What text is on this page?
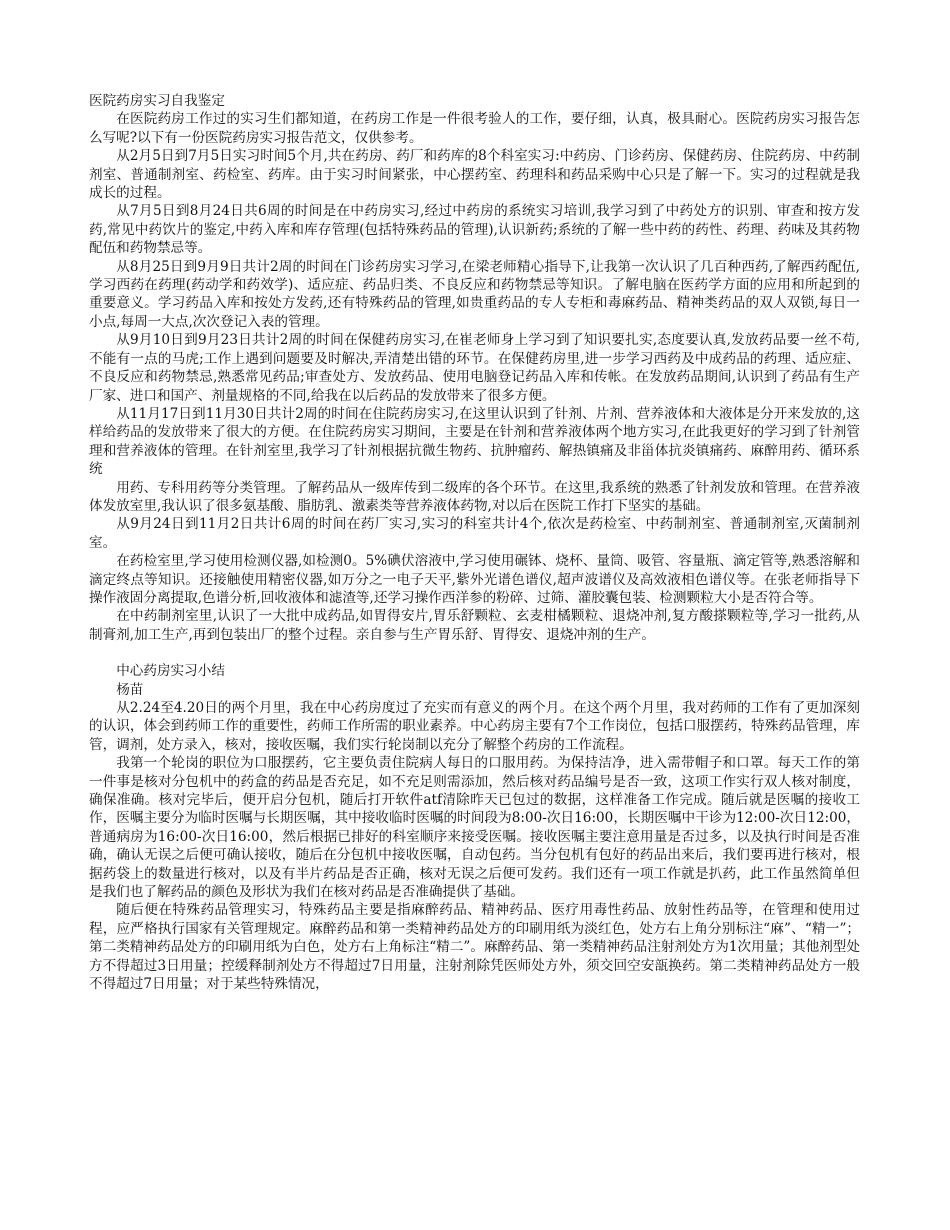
医院药房实习自我鉴定

在医院药房工作过的实习生们都知道，在药房工作是一件很考验人的工作，要仔细，认真，极具耐心。医院药房实习报告怎么写呢?以下有一份医院药房实习报告范文，仅供参考。

从2月5日到7月5日实习时间5个月,共在药房、药厂和药库的8个科室实习:中药房、门诊药房、保健药房、住院药房、中药制剂室、普通制剂室、药检室、药库。由于实习时间紧张，中心摆药室、药理科和药品采购中心只是了解一下。实习的过程就是我成长的过程。

从7月5日到8月24日共6周的时间是在中药房实习,经过中药房的系统实习培训,我学习到了中药处方的识别、审查和按方发药,常见中药饮片的鉴定,中药入库和库存管理(包括特殊药品的管理),认识新药;系统的了解一些中药的药性、药理、药味及其药物配伍和药物禁忌等。

从8月25日到9月9日共计2周的时间在门诊药房实习学习,在梁老师精心指导下,让我第一次认识了几百种西药,了解西药配伍,学习西药在药理(药动学和药效学)、适应症、药品归类、不良反应和药物禁忌等知识。了解电脑在医药学方面的应用和所起到的重要意义。学习药品入库和按处方发药,还有特殊药品的管理,如贵重药品的专人专柜和毒麻药品、精神类药品的双人双锁,每日一小点,每周一大点,次次登记入表的管理。

从9月10日到9月23日共计2周的时间在保健药房实习,在崔老师身上学习到了知识要扎实,态度要认真,发放药品要一丝不苟,不能有一点的马虎;工作上遇到问题要及时解决,弄清楚出错的环节。在保健药房里,进一步学习西药及中成药品的药理、适应症、不良反应和药物禁忌,熟悉常见药品;审查处方、发放药品、使用电脑登记药品入库和传帐。在发放药品期间,认识到了药品有生产厂家、进口和国产、剂量规格的不同,给我在以后药品的发放带来了很多方便。

从11月17日到11月30日共计2周的时间在住院药房实习,在这里认识到了针剂、片剂、营养液体和大液体是分开来发放的,这样给药品的发放带来了很大的方便。在住院药房实习期间，主要是在针剂和营养液体两个地方实习,在此我更好的学习到了针剂管理和营养液体的管理。在针剂室里,我学习了针剂根据抗微生物药、抗肿瘤药、解热镇痛及非甾体抗炎镇痛药、麻醉用药、循环系统

用药、专科用药等分类管理。了解药品从一级库传到二级库的各个环节。在这里,我系统的熟悉了针剂发放和管理。在营养液体发放室里,我认识了很多氨基酸、脂肪乳、激素类等营养液体药物,对以后在医院工作打下坚实的基础。

从9月24日到11月2日共计6周的时间在药厂实习,实习的科室共计4个,依次是药检室、中药制剂室、普通制剂室,灭菌制剂室。

在药检室里,学习使用检测仪器,如检测0。5%碘伏溶液中,学习使用碾钵、烧杯、量筒、吸管、容量瓶、滴定管等,熟悉溶解和滴定终点等知识。还接触使用精密仪器,如万分之一电子天平,紫外光谱色谱仪,超声波谱仪及高效液相色谱仪等。在张老师指导下操作液固分离提取,色谱分析,回收液体和滤渣等,还学习操作西洋参的粉碎、过筛、灌胶囊包装、检测颗粒大小是否符合等。

在中药制剂室里,认识了一大批中成药品,如胃得安片,胃乐舒颗粒、玄麦柑橘颗粒、退烧冲剂,复方酸搽颗粒等,学习一批药,从制膏剂,加工生产,再到包装出厂的整个过程。亲自参与生产胃乐舒、胃得安、退烧冲剂的生产。

中心药房实习小结

杨苗

从2.24至4.20日的两个月里，我在中心药房度过了充实而有意义的两个月。在这个两个月里，我对药师的工作有了更加深刻的认识，体会到药师工作的重要性，药师工作所需的职业素养。中心药房主要有7个工作岗位，包括口服摆药，特殊药品管理，库管，调剂，处方录入，核对，接收医嘱，我们实行轮岗制以充分了解整个药房的工作流程。

我第一个轮岗的职位为口服摆药，它主要负责住院病人每日的口服用药。为保持洁净，进入需带帽子和口罩。每天工作的第一件事是核对分包机中的药盒的药品是否充足，如不充足则需添加，然后核对药品编号是否一致，这项工作实行双人核对制度，确保准确。核对完毕后，便开启分包机，随后打开软件atf清除昨天已包过的数据，这样准备工作完成。随后就是医嘱的接收工作，医嘱主要分为临时医嘱与长期医嘱，其中接收临时医嘱的时间段为8:00-次日16:00，长期医嘱中干诊为12:00-次日12:00，普通病房为16:00-次日16:00，然后根据已排好的科室顺序来接受医嘱。接收医嘱主要注意用量是否过多，以及执行时间是否准确，确认无误之后便可确认接收，随后在分包机中接收医嘱，自动包药。当分包机有包好的药品出来后，我们要再进行核对，根据药袋上的数量进行核对，以及有半片药品是否正确，核对无误之后便可发药。我们还有一项工作就是扒药，此工作虽然简单但是我们也了解药品的颜色及形状为我们在核对药品是否准确提供了基础。

随后便在特殊药品管理实习，特殊药品主要是指麻醉药品、精神药品、医疗用毒性药品、放射性药品等，在管理和使用过程，应严格执行国家有关管理规定。麻醉药品和第一类精神药品处方的印刷用纸为淡红色，处方右上角分别标注“麻”、“精一”；第二类精神药品处方的印刷用纸为白色，处方右上角标注“精二”。麻醉药品、第一类精神药品注射剂处方为1次用量；其他剂型处方不得超过3日用量；控缓释制剂处方不得超过7日用量，注射剂除凭医师处方外，须交回空安瓿换药。第二类精神药品处方一般不得超过7日用量；对于某些特殊情况，
